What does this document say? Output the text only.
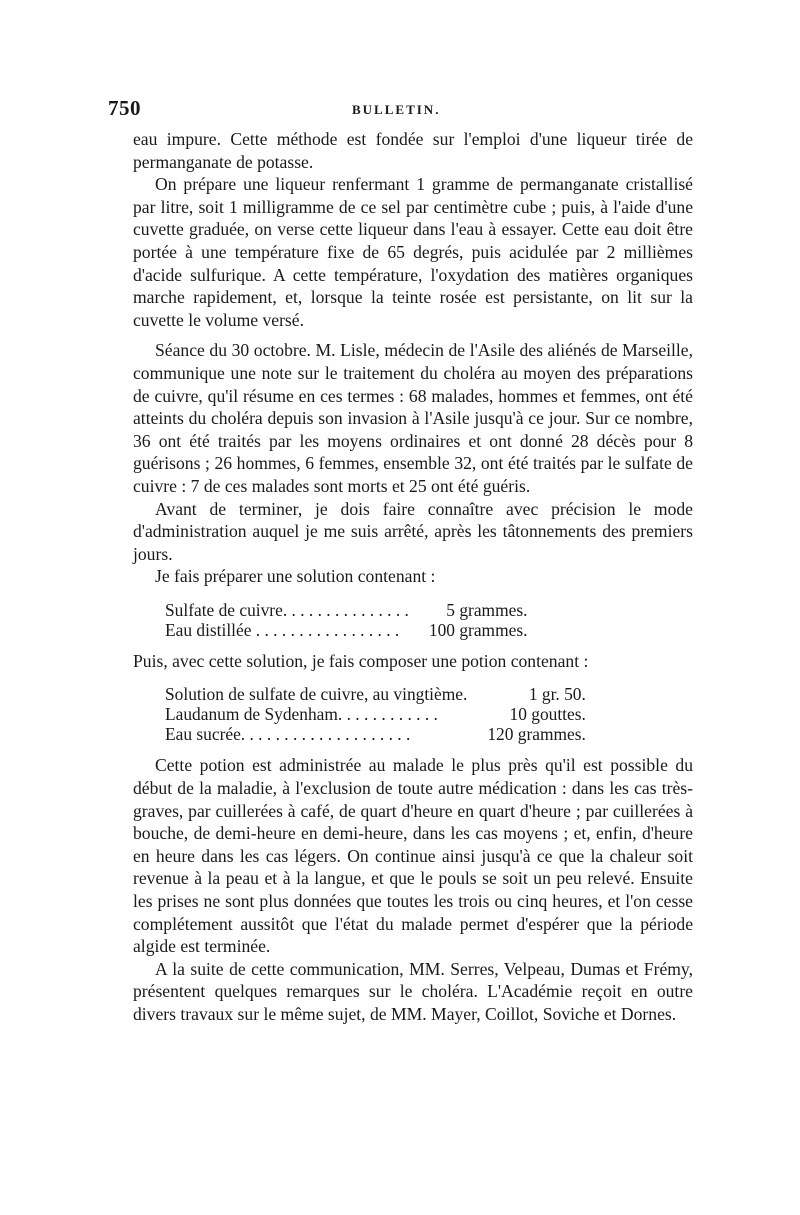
750	BULLETIN.

eau impure. Cette méthode est fondée sur l'emploi d'une liqueur tirée de permanganate de potasse.

On prépare une liqueur renfermant 1 gramme de permanganate cristallisé par litre, soit 1 milligramme de ce sel par centimètre cube ; puis, à l'aide d'une cuvette graduée, on verse cette liqueur dans l'eau à essayer. Cette eau doit être portée à une température fixe de 65 degrés, puis acidulée par 2 millièmes d'acide sulfurique. A cette température, l'oxydation des matières organiques marche rapidement, et, lorsque la teinte rosée est persistante, on lit sur la cuvette le volume versé.

Séance du 30 octobre. M. Lisle, médecin de l'Asile des aliénés de Marseille, communique une note sur le traitement du choléra au moyen des préparations de cuivre, qu'il résume en ces termes : 68 malades, hommes et femmes, ont été atteints du choléra depuis son invasion à l'Asile jusqu'à ce jour. Sur ce nombre, 36 ont été traités par les moyens ordinaires et ont donné 28 décès pour 8 guérisons ; 26 hommes, 6 femmes, ensemble 32, ont été traités par le sulfate de cuivre : 7 de ces malades sont morts et 25 ont été guéris.

Avant de terminer, je dois faire connaître avec précision le mode d'administration auquel je me suis arrêté, après les tâtonnements des premiers jours.

Je fais préparer une solution contenant :

Sulfate de cuivre. . . . . . . . . . . . . . .	5 grammes.
Eau distillée . . . . . . . . . . . . . . . . .	100 grammes.

Puis, avec cette solution, je fais composer une potion contenant :

Solution de sulfate de cuivre, au vingtième.	1 gr. 50.
Laudanum de Sydenham. . . . . . . . . . . .	10 gouttes.
Eau sucrée. . . . . . . . . . . . . . . . . . . .	120 grammes.

Cette potion est administrée au malade le plus près qu'il est possible du début de la maladie, à l'exclusion de toute autre médication : dans les cas très-graves, par cuillerées à café, de quart d'heure en quart d'heure ; par cuillerées à bouche, de demi-heure en demi-heure, dans les cas moyens ; et, enfin, d'heure en heure dans les cas légers. On continue ainsi jusqu'à ce que la chaleur soit revenue à la peau et à la langue, et que le pouls se soit un peu relevé. Ensuite les prises ne sont plus données que toutes les trois ou cinq heures, et l'on cesse complétement aussitôt que l'état du malade permet d'espérer que la période algide est terminée.

A la suite de cette communication, MM. Serres, Velpeau, Dumas et Frémy, présentent quelques remarques sur le choléra. L'Académie reçoit en outre divers travaux sur le même sujet, de MM. Mayer, Coillot, Soviche et Dornes.
